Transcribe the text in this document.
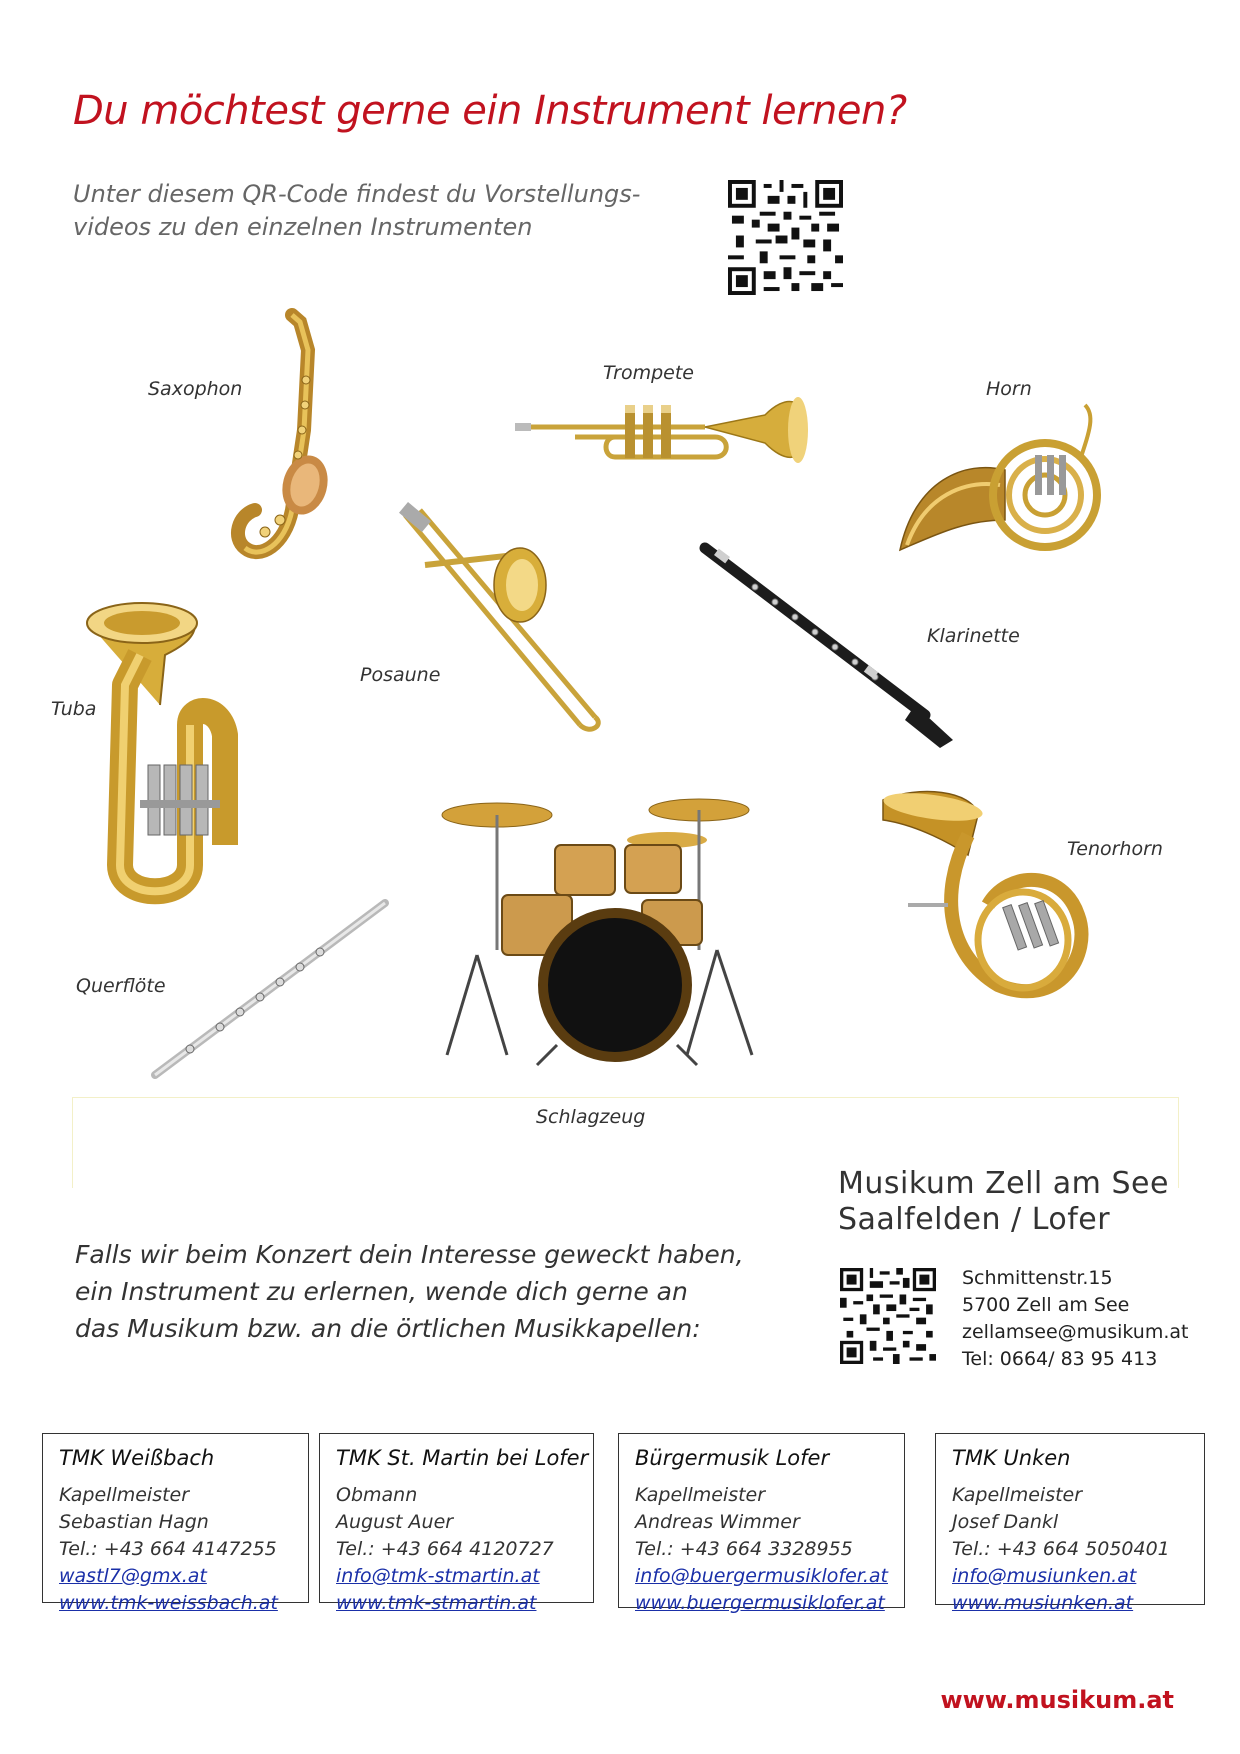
Du möchtest gerne ein Instrument lernen?
Unter diesem QR-Code findest du Vorstellungs-
videos zu den einzelnen Instrumenten
Saxophon
Trompete
Horn
Tuba
Posaune
Klarinette
Tenorhorn
Querflöte
Schlagzeug
Musikum Zell am See
Saalfelden / Lofer
Falls wir beim Konzert dein Interesse geweckt haben,
ein Instrument zu erlernen, wende dich gerne an
das Musikum bzw. an die örtlichen Musikkapellen:
Schmittenstr.15
5700 Zell am See
zellamsee@musikum.at
Tel: 0664/ 83 95 413
TMK Weißbach
Kapellmeister
Sebastian Hagn
Tel.: +43 664 4147255
wastl7@gmx.at
www.tmk-weissbach.at
TMK St. Martin bei Lofer
Obmann
August Auer
Tel.: +43 664 4120727
info@tmk-stmartin.at
www.tmk-stmartin.at
Bürgermusik Lofer
Kapellmeister
Andreas Wimmer
Tel.: +43 664 3328955
info@buergermusiklofer.at
www.buergermusiklofer.at
TMK Unken
Kapellmeister
Josef Dankl
Tel.: +43 664 5050401
info@musiunken.at
www.musiunken.at
www.musikum.at
